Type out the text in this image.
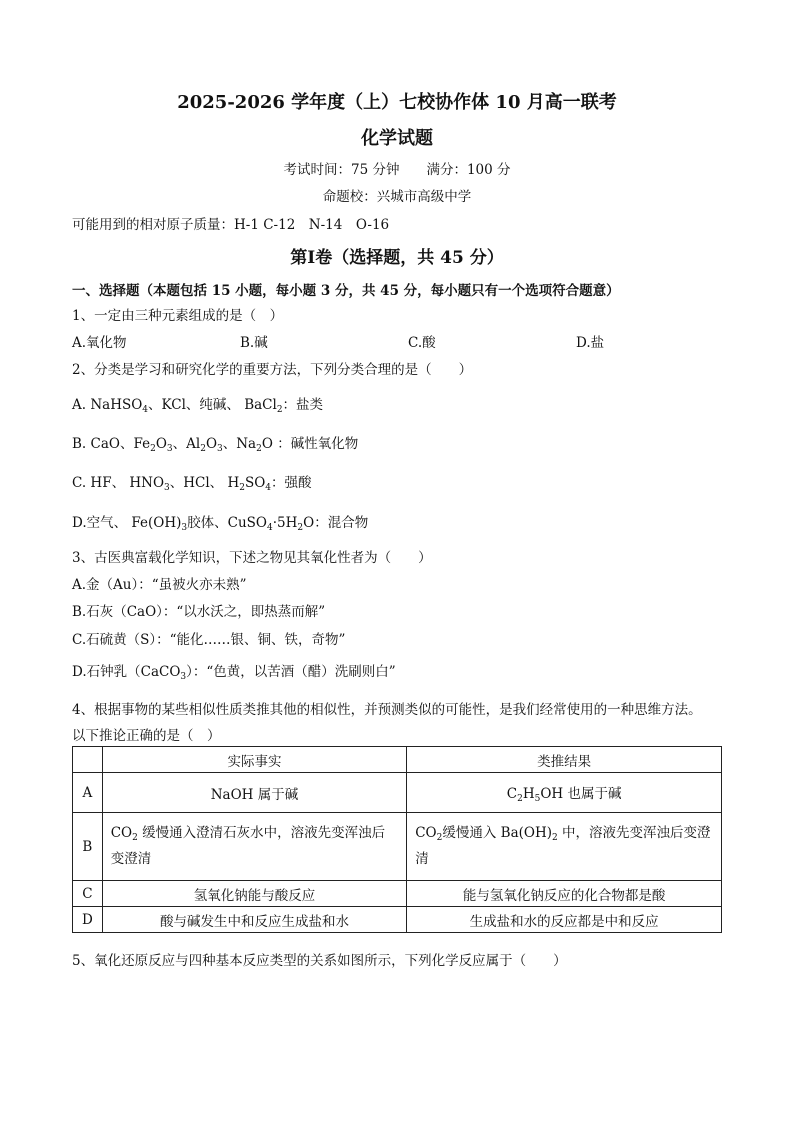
2025-2026 学年度（上）七校协作体 10 月高一联考
化学试题
考试时间：75 分钟　　满分：100 分
命题校：兴城市高级中学
可能用到的相对原子质量：H-1 C-12　N-14　O-16
第Ⅰ卷（选择题，共 45 分）
一、选择题（本题包括 15 小题，每小题 3 分，共 45 分，每小题只有一个选项符合题意）
1、一定由三种元素组成的是（　）
A.氧化物	B.碱	C.酸	D.盐
2、分类是学习和研究化学的重要方法，下列分类合理的是（　　）
A. NaHSO$_4$、KCl、纯碱、 BaCl$_2$：盐类
B. CaO、$Fe_2O_3$、$Al_2O_3$、$Na_2O$ ：碱性氧化物
C. HF、 $HNO_3$、HCl、 $H_2SO_4$：强酸
D.空气、 $Fe(OH)_3$胶体、$CuSO_4\cdot 5H_2O$：混合物
3、古医典富载化学知识，下述之物见其氧化性者为（　　）
A.金（Au）：“虽被火亦未熟”
B.石灰（CaO）：“以水沃之，即热蒸而解”
C.石硫黄（S）：“能化……银、铜、铁，奇物”
D.石钟乳（CaCO$_3$）：“色黄，以苦酒（醋）洗刷则白”
4、根据事物的某些相似性质类推其他的相似性，并预测类似的可能性，是我们经常使用的一种思维方法。
以下推论正确的是（　）
	实际事实	类推结果
A	NaOH 属于碱	$C_2H_5OH$ 也属于碱
B	$CO_2$ 缓慢通入澄清石灰水中，溶液先变浑浊后变澄清	$CO_2$缓慢通入 $Ba(OH)_2$ 中，溶液先变浑浊后变澄清
C	氢氧化钠能与酸反应	能与氢氧化钠反应的化合物都是酸
D	酸与碱发生中和反应生成盐和水	生成盐和水的反应都是中和反应
5、氧化还原反应与四种基本反应类型的关系如图所示，下列化学反应属于（　　）
